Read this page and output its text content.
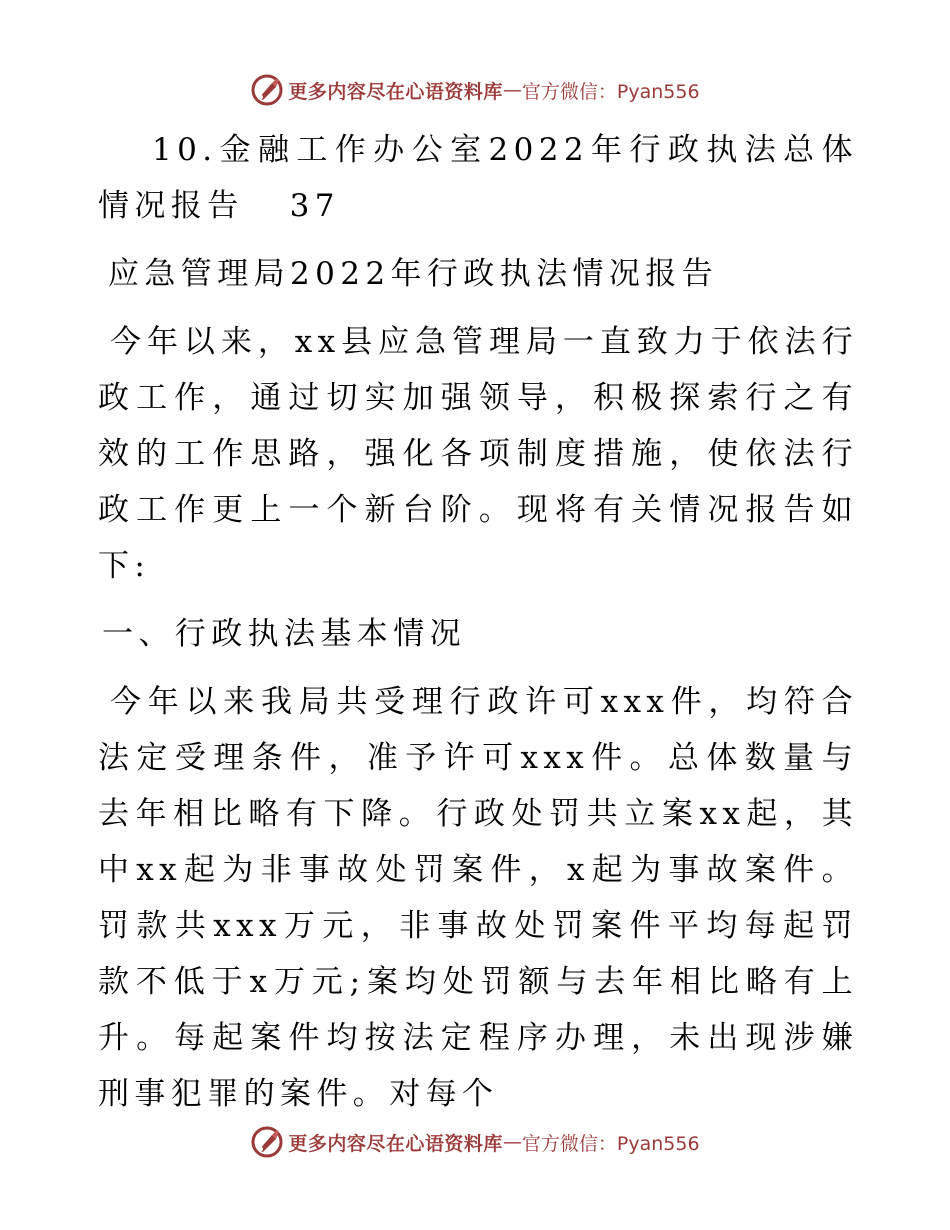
更多内容尽在心语资料库 — 官方微信：Pyan556

10.金融工作办公室2022年行政执法总体情况报告 37

应急管理局2022年行政执法情况报告

今年以来，xx县应急管理局一直致力于依法行政工作，通过切实加强领导，积极探索行之有效的工作思路，强化各项制度措施，使依法行政工作更上一个新台阶。现将有关情况报告如下:

一、行政执法基本情况

今年以来我局共受理行政许可xxx件，均符合法定受理条件，准予许可xxx件。总体数量与去年相比略有下降。行政处罚共立案xx起，其中xx起为非事故处罚案件，x起为事故案件。罚款共xxx万元，非事故处罚案件平均每起罚款不低于x万元;案均处罚额与去年相比略有上升。每起案件均按法定程序办理，未出现涉嫌刑事犯罪的案件。对每个

更多内容尽在心语资料库 — 官方微信：Pyan556
